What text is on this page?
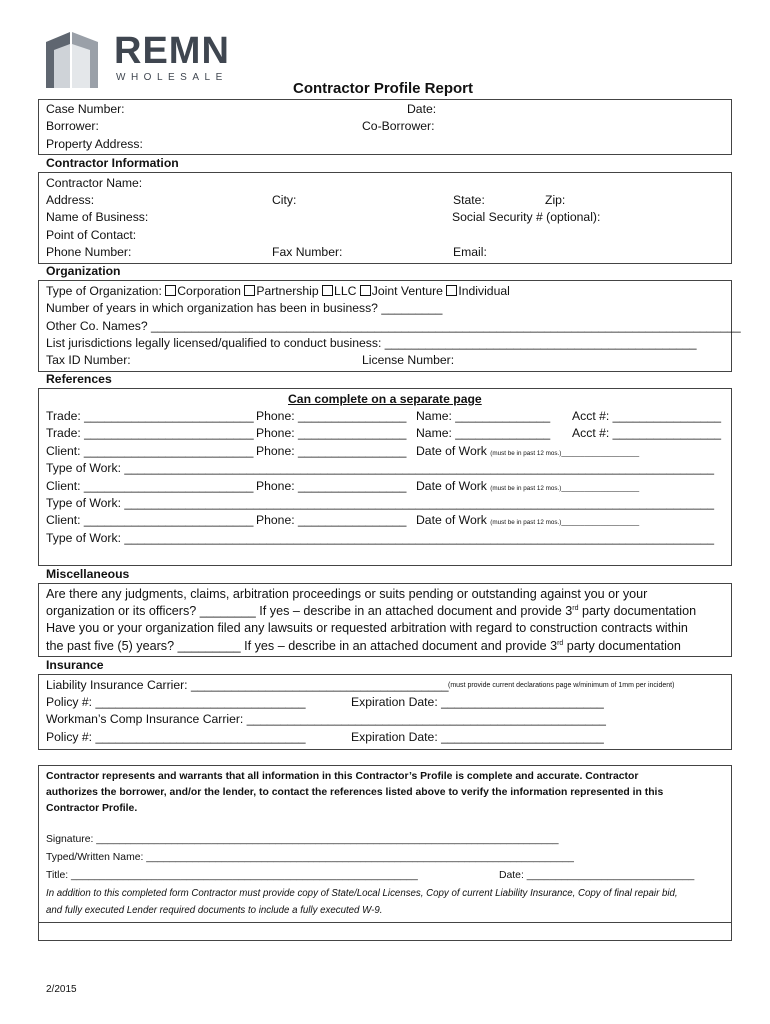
REMN
WHOLESALE
Contractor Profile Report
Case Number:	Date:
Borrower:	Co-Borrower:
Property Address:
Contractor Information
Contractor Name:
Address:	City:	State:	Zip:
Name of Business:	Social Security # (optional):
Point of Contact:
Phone Number:	Fax Number:	Email:
Organization
Type of Organization: Corporation Partnership LLC Joint Venture Individual
Number of years in which organization has been in business? _________
Other Co. Names? _______________________________________________________________________________________
List jurisdictions legally licensed/qualified to conduct business: ______________________________________________
Tax ID Number:	License Number:
References
Can complete on a separate page
Trade: _________________________ Phone: ________________ Name: ______________ Acct #: ________________
Trade: _________________________ Phone: ________________ Name: ______________ Acct #: ________________
Client: _________________________ Phone: ________________ Date of Work (must be in past 12 mos.)____________________
Type of Work: _______________________________________________________________________________________
Client: _________________________ Phone: ________________ Date of Work (must be in past 12 mos.)____________________
Type of Work: _______________________________________________________________________________________
Client: _________________________ Phone: ________________ Date of Work (must be in past 12 mos.)____________________
Type of Work: _______________________________________________________________________________________
Miscellaneous
Are there any judgments, claims, arbitration proceedings or suits pending or outstanding against you or your
organization or its officers? ________ If yes – describe in an attached document and provide 3rd party documentation
Have you or your organization filed any lawsuits or requested arbitration with regard to construction contracts within
the past five (5) years? _________ If yes – describe in an attached document and provide 3rd party documentation
Insurance
Liability Insurance Carrier: ______________________________________ (must provide current declarations page w/minimum of 1mm per incident)
Policy #: _______________________________	Expiration Date: ________________________
Workman’s Comp Insurance Carrier: _____________________________________________________
Policy #: _______________________________	Expiration Date: ________________________
Contractor represents and warrants that all information in this Contractor’s Profile is complete and accurate. Contractor
authorizes the borrower, and/or the lender, to contact the references listed above to verify the information represented in this
Contractor Profile.
Signature: ________________________________________________________________________________
Typed/Written Name: __________________________________________________________________________
Title: ____________________________________________________________	Date: _____________________________
In addition to this completed form Contractor must provide copy of State/Local Licenses, Copy of current Liability Insurance, Copy of final repair bid,
and fully executed Lender required documents to include a fully executed W-9.
2/2015
